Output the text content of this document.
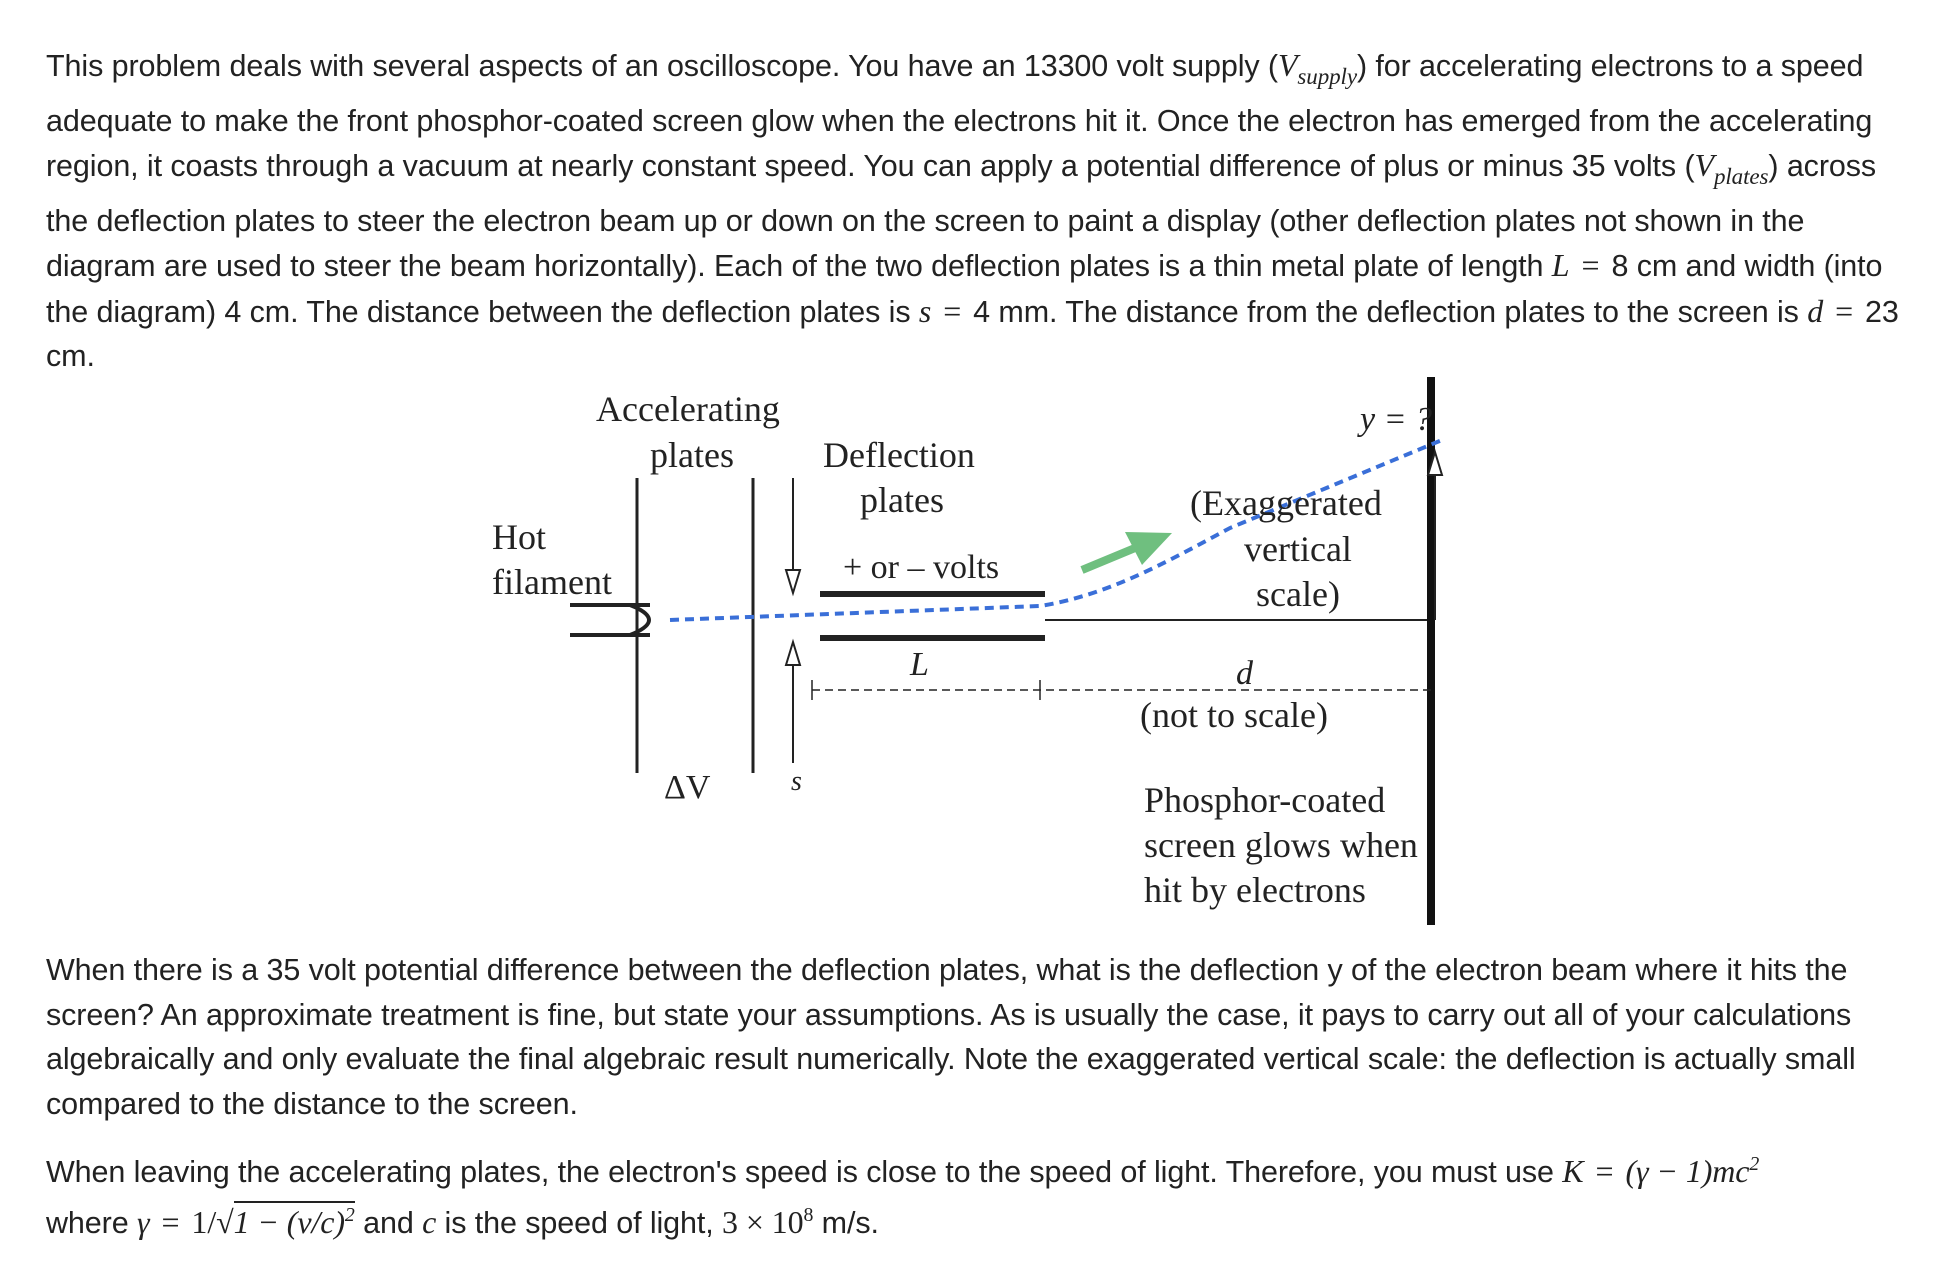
This problem deals with several aspects of an oscilloscope. You have an 13300 volt supply $(V_{supply})$ for accelerating electrons to a speed adequate to make the front phosphor-coated screen glow when the electrons hit it. Once the electron has emerged from the accelerating region, it coasts through a vacuum at nearly constant speed. You can apply a potential difference of plus or minus 35 volts $(V_{plates})$ across the deflection plates to steer the electron beam up or down on the screen to paint a display (other deflection plates not shown in the diagram are used to steer the beam horizontally). Each of the two deflection plates is a thin metal plate of length L = 8 cm and width (into the diagram) 4 cm. The distance between the deflection plates is s = 4 mm. The distance from the deflection plates to the screen is d = 23 cm.

Accelerating
plates Deflection
plates
Hot
filament	+ or – volts
y = ?
(Exaggerated
vertical
scale)
L	d
(not to scale)
ΔV	s	Phosphor-coated
screen glows when
hit by electrons

When there is a 35 volt potential difference between the deflection plates, what is the deflection y of the electron beam where it hits the screen? An approximate treatment is fine, but state your assumptions. As is usually the case, it pays to carry out all of your calculations algebraically and only evaluate the final algebraic result numerically. Note the exaggerated vertical scale: the deflection is actually small compared to the distance to the screen.

When leaving the accelerating plates, the electron's speed is close to the speed of light. Therefore, you must use $K = (\gamma - 1)mc^2$
where $\gamma = 1/√1 - (v/c)^2$ and c is the speed of light, $3 \times 10^8$ m/s.
